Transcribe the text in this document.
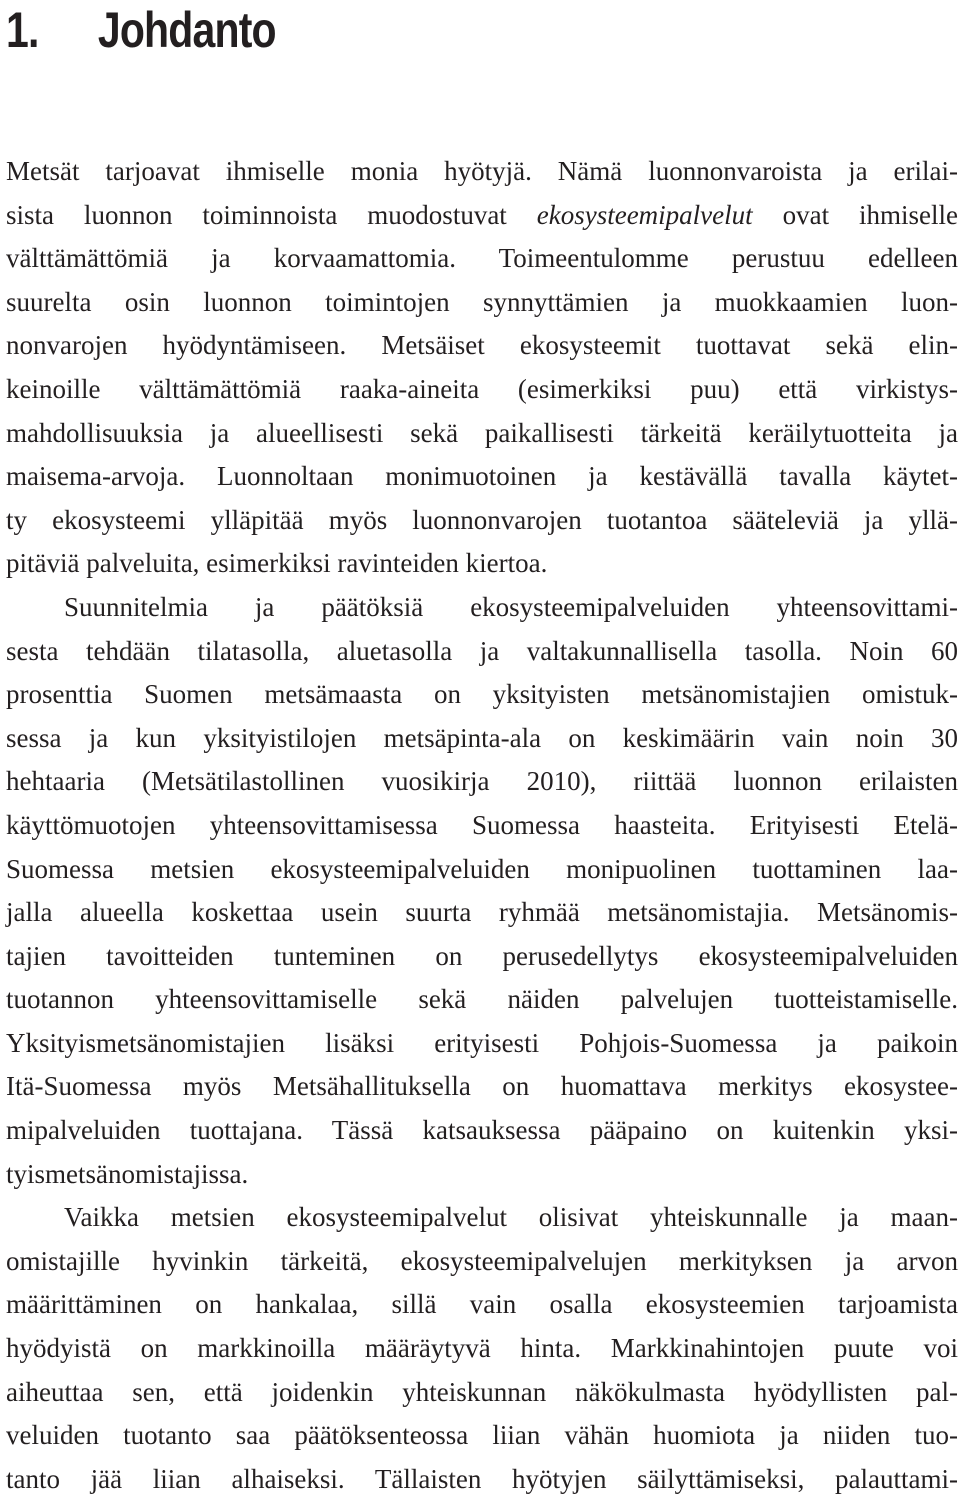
1.	Johdanto
Metsät tarjoavat ihmiselle monia hyötyjä. Nämä luonnonvaroista ja erilai-
sista luonnon toiminnoista muodostuvat ekosysteemipalvelut ovat ihmiselle
välttämättömiä ja korvaamattomia. Toimeentulomme perustuu edelleen
suurelta osin luonnon toimintojen synnyttämien ja muokkaamien luon-
nonvarojen hyödyntämiseen. Metsäiset ekosysteemit tuottavat sekä elin-
keinoille välttämättömiä raaka-aineita (esimerkiksi puu) että virkistys-
mahdollisuuksia ja alueellisesti sekä paikallisesti tärkeitä keräilytuotteita ja
maisema-arvoja. Luonnoltaan monimuotoinen ja kestävällä tavalla käytet-
ty ekosysteemi ylläpitää myös luonnonvarojen tuotantoa sääteleviä ja yllä-
pitäviä palveluita, esimerkiksi ravinteiden kiertoa.
Suunnitelmia ja päätöksiä ekosysteemipalveluiden yhteensovittami-
sesta tehdään tilatasolla, aluetasolla ja valtakunnallisella tasolla. Noin 60
prosenttia Suomen metsämaasta on yksityisten metsänomistajien omistuk-
sessa ja kun yksityistilojen metsäpinta-ala on keskimäärin vain noin 30
hehtaaria (Metsätilastollinen vuosikirja 2010), riittää luonnon erilaisten
käyttömuotojen yhteensovittamisessa Suomessa haasteita. Erityisesti Etelä-
Suomessa metsien ekosysteemipalveluiden monipuolinen tuottaminen laa-
jalla alueella koskettaa usein suurta ryhmää metsänomistajia. Metsänomis-
tajien tavoitteiden tunteminen on perusedellytys ekosysteemipalveluiden
tuotannon yhteensovittamiselle sekä näiden palvelujen tuotteistamiselle.
Yksityismetsänomistajien lisäksi erityisesti Pohjois-Suomessa ja paikoin
Itä-Suomessa myös Metsähallituksella on huomattava merkitys ekosystee-
mipalveluiden tuottajana. Tässä katsauksessa pääpaino on kuitenkin yksi-
tyismetsänomistajissa.
Vaikka metsien ekosysteemipalvelut olisivat yhteiskunnalle ja maan-
omistajille hyvinkin tärkeitä, ekosysteemipalvelujen merkityksen ja arvon
määrittäminen on hankalaa, sillä vain osalla ekosysteemien tarjoamista
hyödyistä on markkinoilla määräytyvä hinta. Markkinahintojen puute voi
aiheuttaa sen, että joidenkin yhteiskunnan näkökulmasta hyödyllisten pal-
veluiden tuotanto saa päätöksenteossa liian vähän huomiota ja niiden tuo-
tanto jää liian alhaiseksi. Tällaisten hyötyjen säilyttämiseksi, palauttami-
